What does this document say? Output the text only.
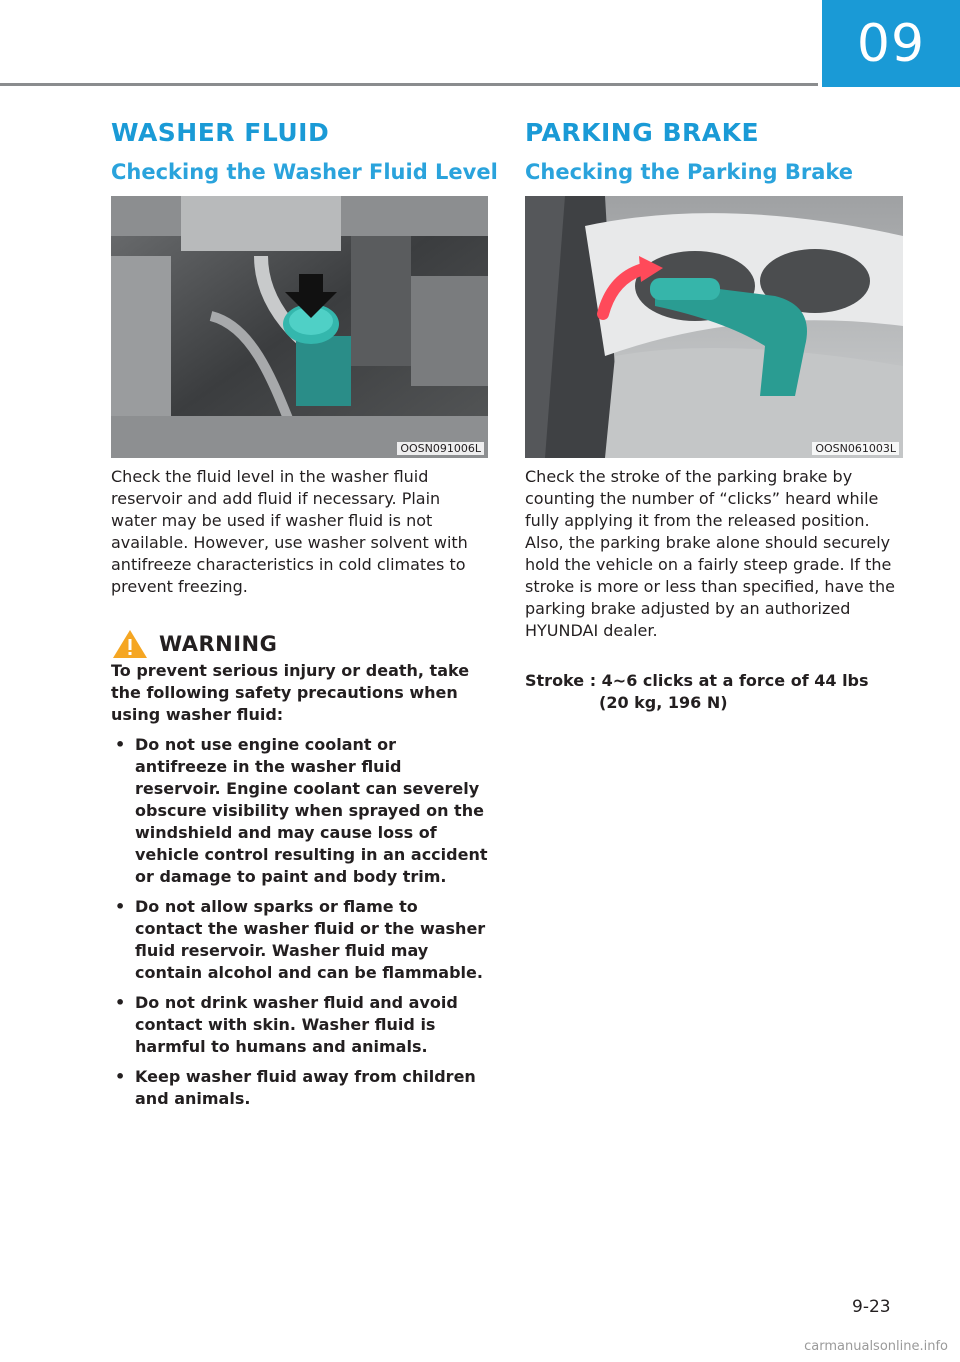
09
WASHER FLUID
Checking the Washer Fluid Level
OOSN091006L

Check the fluid level in the washer fluid reservoir and add fluid if necessary. Plain water may be used if washer fluid is not available. However, use washer solvent with antifreeze characteristics in cold climates to prevent freezing.

WARNING

To prevent serious injury or death, take the following safety precautions when using washer fluid:

• Do not use engine coolant or antifreeze in the washer fluid reservoir. Engine coolant can severely obscure visibility when sprayed on the windshield and may cause loss of vehicle control resulting in an accident or damage to paint and body trim.
• Do not allow sparks or flame to contact the washer fluid or the washer fluid reservoir. Washer fluid may contain alcohol and can be flammable.
• Do not drink washer fluid and avoid contact with skin. Washer fluid is harmful to humans and animals.
• Keep washer fluid away from children and animals.
PARKING BRAKE
Checking the Parking Brake
OOSN061003L

Check the stroke of the parking brake by counting the number of “clicks” heard while fully applying it from the released position. Also, the parking brake alone should securely hold the vehicle on a fairly steep grade. If the stroke is more or less than specified, have the parking brake adjusted by an authorized HYUNDAI dealer.

Stroke : 4~6 clicks at a force of 44 lbs
(20 kg, 196 N)
9-23
carmanualsonline.info
